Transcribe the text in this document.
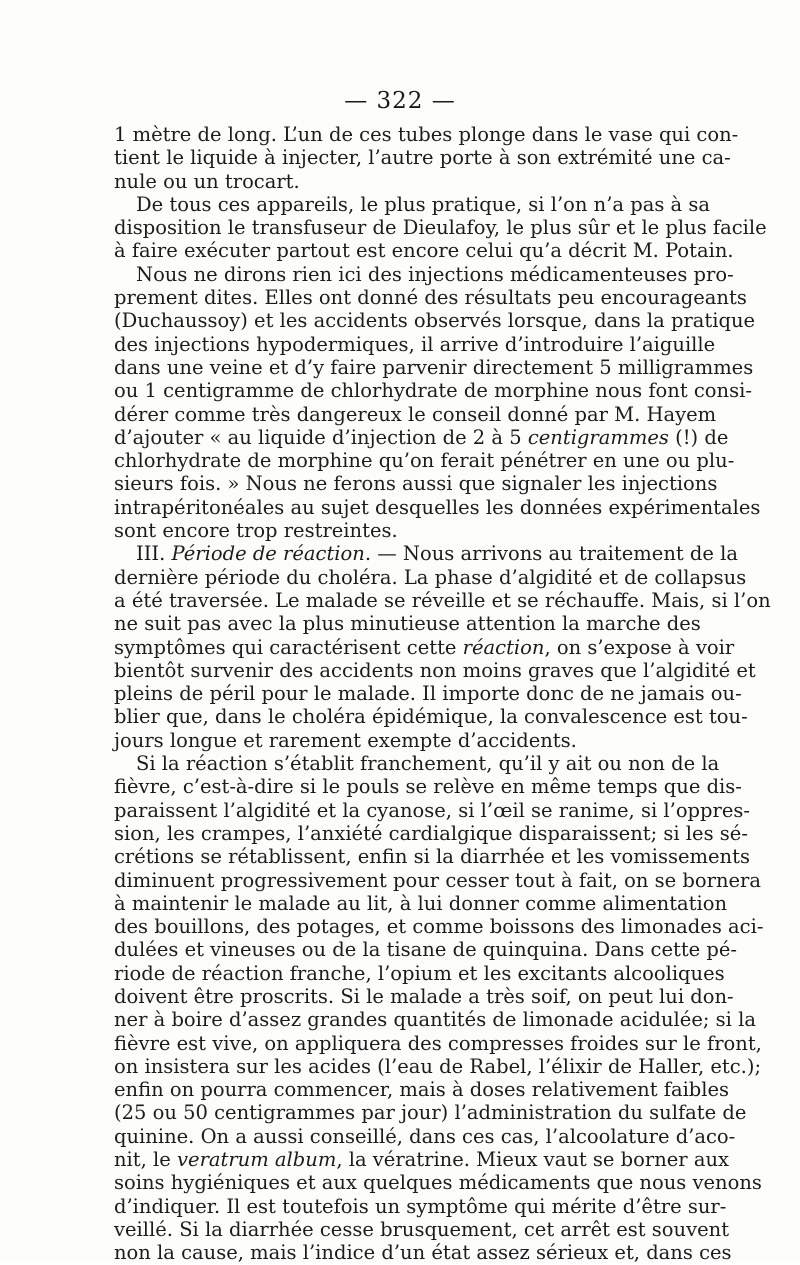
— 322 —
1 mètre de long. L’un de ces tubes plonge dans le vase qui con-
tient le liquide à injecter, l’autre porte à son extrémité une ca-
nule ou un trocart.
De tous ces appareils, le plus pratique, si l’on n’a pas à sa
disposition le transfuseur de Dieulafoy, le plus sûr et le plus facile
à faire exécuter partout est encore celui qu’a décrit M. Potain.
Nous ne dirons rien ici des injections médicamenteuses pro-
prement dites. Elles ont donné des résultats peu encourageants
(Duchaussoy) et les accidents observés lorsque, dans la pratique
des injections hypodermiques, il arrive d’introduire l’aiguille
dans une veine et d’y faire parvenir directement 5 milligrammes
ou 1 centigramme de chlorhydrate de morphine nous font consi-
dérer comme très dangereux le conseil donné par M. Hayem
d’ajouter « au liquide d’injection de 2 à 5 centigrammes (!) de
chlorhydrate de morphine qu’on ferait pénétrer en une ou plu-
sieurs fois. » Nous ne ferons aussi que signaler les injections
intrapéritonéales au sujet desquelles les données expérimentales
sont encore trop restreintes.
III. Période de réaction. — Nous arrivons au traitement de la
dernière période du choléra. La phase d’algidité et de collapsus
a été traversée. Le malade se réveille et se réchauffe. Mais, si l’on
ne suit pas avec la plus minutieuse attention la marche des
symptômes qui caractérisent cette réaction, on s’expose à voir
bientôt survenir des accidents non moins graves que l’algidité et
pleins de péril pour le malade. Il importe donc de ne jamais ou-
blier que, dans le choléra épidémique, la convalescence est tou-
jours longue et rarement exempte d’accidents.
Si la réaction s’établit franchement, qu’il y ait ou non de la
fièvre, c’est-à-dire si le pouls se relève en même temps que dis-
paraissent l’algidité et la cyanose, si l’œil se ranime, si l’oppres-
sion, les crampes, l’anxiété cardialgique disparaissent; si les sé-
crétions se rétablissent, enfin si la diarrhée et les vomissements
diminuent progressivement pour cesser tout à fait, on se bornera
à maintenir le malade au lit, à lui donner comme alimentation
des bouillons, des potages, et comme boissons des limonades aci-
dulées et vineuses ou de la tisane de quinquina. Dans cette pé-
riode de réaction franche, l’opium et les excitants alcooliques
doivent être proscrits. Si le malade a très soif, on peut lui don-
ner à boire d’assez grandes quantités de limonade acidulée; si la
fièvre est vive, on appliquera des compresses froides sur le front,
on insistera sur les acides (l’eau de Rabel, l’élixir de Haller, etc.);
enfin on pourra commencer, mais à doses relativement faibles
(25 ou 50 centigrammes par jour) l’administration du sulfate de
quinine. On a aussi conseillé, dans ces cas, l’alcoolature d’aco-
nit, le veratrum album, la vératrine. Mieux vaut se borner aux
soins hygiéniques et aux quelques médicaments que nous venons
d’indiquer. Il est toutefois un symptôme qui mérite d’être sur-
veillé. Si la diarrhée cesse brusquement, cet arrêt est souvent
non la cause, mais l’indice d’un état assez sérieux et, dans ces
